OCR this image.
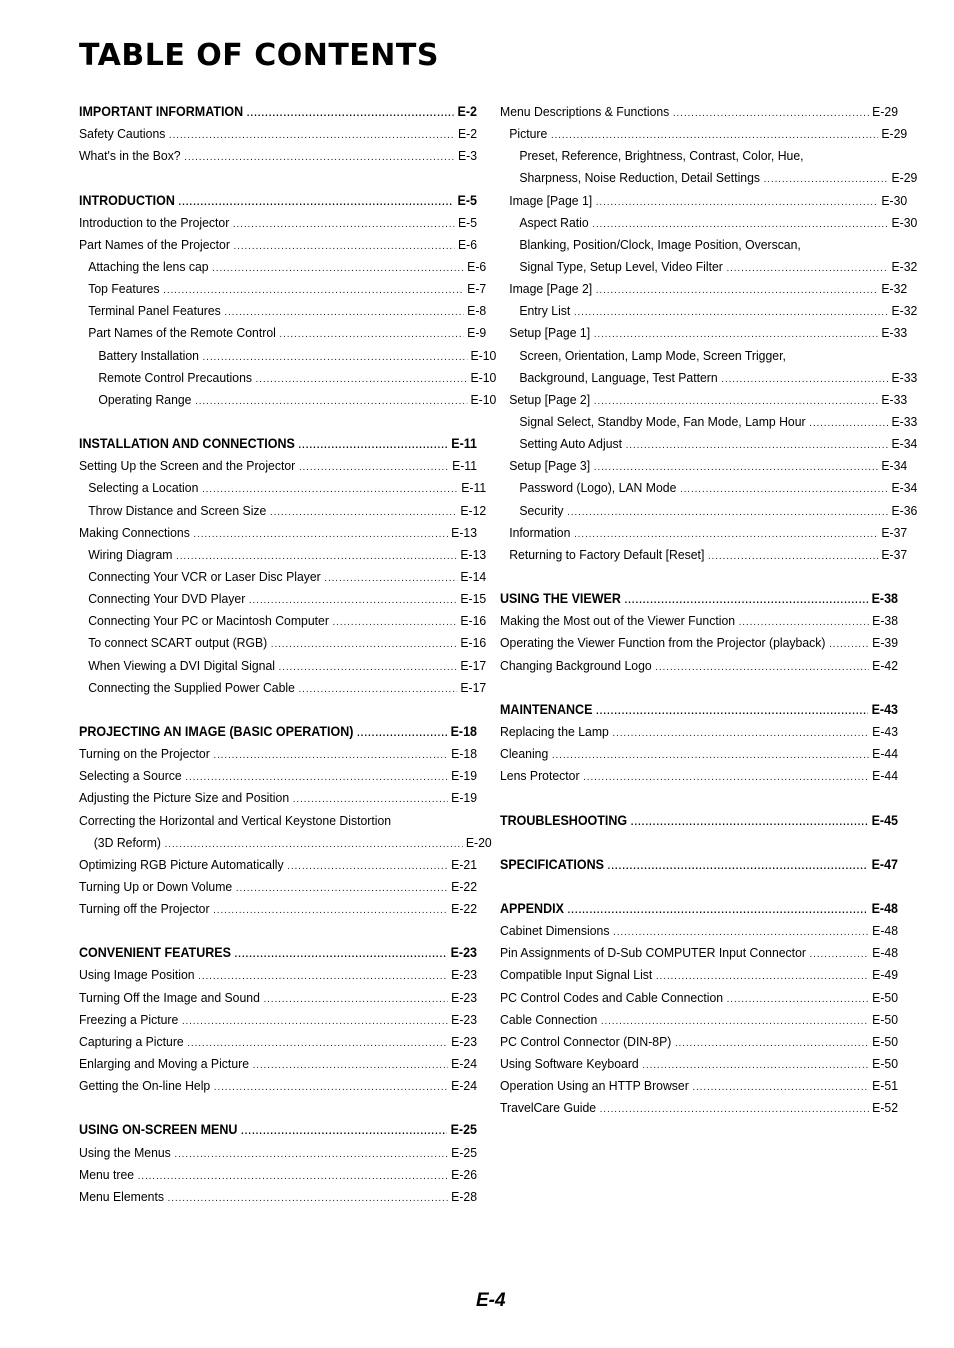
TABLE OF CONTENTS
IMPORTANT INFORMATION .....	E-2
Safety Cautions .....	E-2
What's in the Box? .....	E-3
INTRODUCTION .....	E-5
Introduction to the Projector .....	E-5
Part Names of the Projector .....	E-6
Attaching the lens cap .....	E-6
Top Features .....	E-7
Terminal Panel Features .....	E-8
Part Names of the Remote Control .....	E-9
Battery Installation .....	E-10
Remote Control Precautions .....	E-10
Operating Range .....	E-10
INSTALLATION AND CONNECTIONS .....	E-11
Setting Up the Screen and the Projector .....	E-11
Selecting a Location .....	E-11
Throw Distance and Screen Size .....	E-12
Making Connections .....	E-13
Wiring Diagram .....	E-13
Connecting Your VCR or Laser Disc Player .....	E-14
Connecting Your DVD Player .....	E-15
Connecting Your PC or Macintosh Computer .....	E-16
To connect SCART output (RGB) .....	E-16
When Viewing a DVI Digital Signal .....	E-17
Connecting the Supplied Power Cable .....	E-17
PROJECTING AN IMAGE (BASIC OPERATION) .....	E-18
Turning on the Projector .....	E-18
Selecting a Source .....	E-19
Adjusting the Picture Size and Position .....	E-19
Correcting the Horizontal and Vertical Keystone Distortion
(3D Reform) .....	E-20
Optimizing RGB Picture Automatically .....	E-21
Turning Up or Down Volume .....	E-22
Turning off the Projector .....	E-22
CONVENIENT FEATURES .....	E-23
Using Image Position .....	E-23
Turning Off the Image and Sound .....	E-23
Freezing a Picture .....	E-23
Capturing a Picture .....	E-23
Enlarging and Moving a Picture .....	E-24
Getting the On-line Help .....	E-24
USING ON-SCREEN MENU .....	E-25
Using the Menus .....	E-25
Menu tree .....	E-26
Menu Elements .....	E-28
Menu Descriptions & Functions .....	E-29
Picture .....	E-29
Preset, Reference, Brightness, Contrast, Color, Hue,
Sharpness, Noise Reduction, Detail Settings .....	E-29
Image [Page 1] .....	E-30
Aspect Ratio .....	E-30
Blanking, Position/Clock, Image Position, Overscan,
Signal Type, Setup Level, Video Filter .....	E-32
Image [Page 2] .....	E-32
Entry List .....	E-32
Setup [Page 1] .....	E-33
Screen, Orientation, Lamp Mode, Screen Trigger,
Background, Language, Test Pattern .....	E-33
Setup [Page 2] .....	E-33
Signal Select, Standby Mode, Fan Mode, Lamp Hour .....	E-33
Setting Auto Adjust .....	E-34
Setup [Page 3] .....	E-34
Password (Logo), LAN Mode .....	E-34
Security .....	E-36
Information .....	E-37
Returning to Factory Default [Reset] .....	E-37
USING THE VIEWER .....	E-38
Making the Most out of the Viewer Function .....	E-38
Operating the Viewer Function from the Projector (playback) .....	E-39
Changing Background Logo .....	E-42
MAINTENANCE .....	E-43
Replacing the Lamp .....	E-43
Cleaning .....	E-44
Lens Protector .....	E-44
TROUBLESHOOTING .....	E-45
SPECIFICATIONS .....	E-47
APPENDIX .....	E-48
Cabinet Dimensions .....	E-48
Pin Assignments of D-Sub COMPUTER Input Connector .....	E-48
Compatible Input Signal List .....	E-49
PC Control Codes and Cable Connection .....	E-50
Cable Connection .....	E-50
PC Control Connector (DIN-8P) .....	E-50
Using Software Keyboard .....	E-50
Operation Using an HTTP Browser .....	E-51
TravelCare Guide .....	E-52
E-4
